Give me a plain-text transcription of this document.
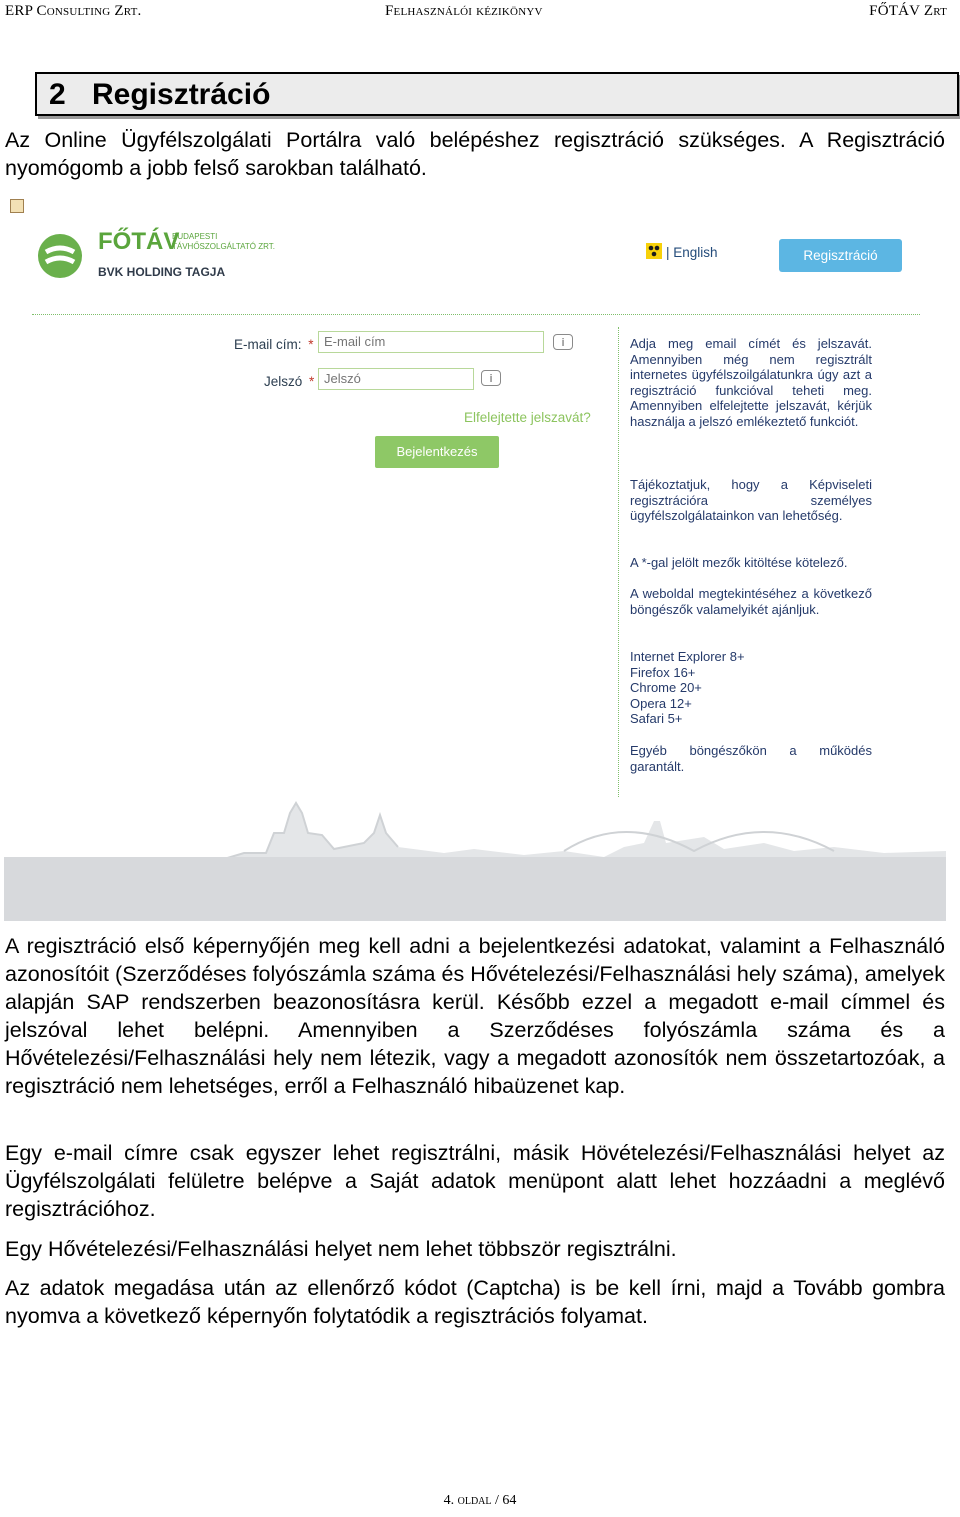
ERP Consulting Zrt.	Felhasználói kézikönyv	FŐTÁV Zrt
2 Regisztráció

Az Online Ügyfélszolgálati Portálra való belépéshez regisztráció szükséges. A Regisztráció nyomógomb a jobb felső sarokban található.

FŐTÁV
BUDAPESTI
TÁVHŐSZOLGÁLTATÓ ZRT.
BVK HOLDING TAGJA
| English	Regisztráció
E-mail cím: *
E-mail cím	i
Jelszó *
Jelszó	i
Elfelejtette jelszavát?
Bejelentkezés
Adja meg email címét és jelszavát. Amennyiben még nem regisztrált internetes ügyfélszoilgálatunkra úgy azt a regisztráció funkcióval teheti meg. Amennyiben elfelejtette jelszavát, kérjük használja a jelszó emlékeztető funkciót.
Tájékoztatjuk, hogy a Képviseleti regisztrációra személyes ügyfélszolgálatainkon van lehetőség.
A *-gal jelölt mezők kitöltése kötelező.
A weboldal megtekintéséhez a következő böngészők valamelyikét ajánljuk.
Internet Explorer 8+
Firefox 16+
Chrome 20+
Opera 12+
Safari 5+
Egyéb böngészőkön a működés garantált.

A regisztráció első képernyőjén meg kell adni a bejelentkezési adatokat, valamint a Felhasználó azonosítóit (Szerződéses folyószámla száma és Hővételezési/Felhasználási hely száma), amelyek alapján SAP rendszerben beazonosításra kerül. Később ezzel a megadott e-mail címmel és jelszóval lehet belépni. Amennyiben a Szerződéses folyószámla száma és a Hővételezési/Felhasználási hely nem létezik, vagy a megadott azonosítók nem összetartozóak, a regisztráció nem lehetséges, erről a Felhasználó hibaüzenet kap.

Egy e-mail címre csak egyszer lehet regisztrálni, másik Hövételezési/Felhasználási helyet az Ügyfélszolgálati felületre belépve a Saját adatok menüpont alatt lehet hozzáadni a meglévő regisztrációhoz.

Egy Hővételezési/Felhasználási helyet nem lehet többször regisztrálni.

Az adatok megadása után az ellenőrző kódot (Captcha) is be kell írni, majd a Tovább gombra nyomva a következő képernyőn folytatódik a regisztrációs folyamat.

4. oldal / 64
